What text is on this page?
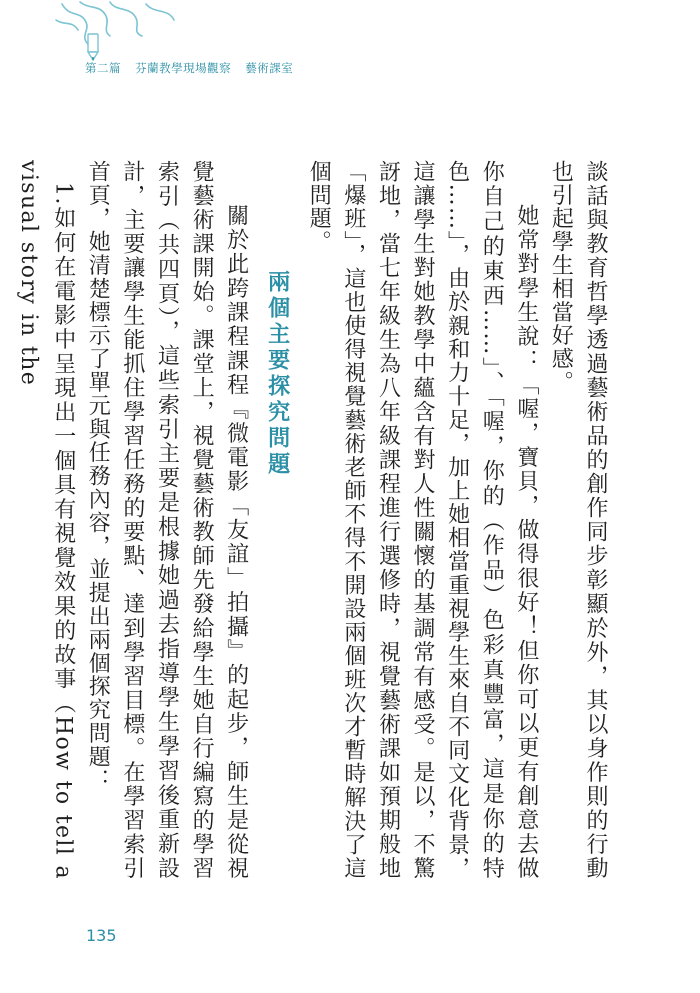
第二篇 芬蘭教學現場觀察 藝術課室

談話與教育哲學透過藝術品的創作同步彰顯於外，其以身作則的行動也引起學生相當好感。

她常對學生說：「喔，寶貝，做得很好！但你可以更有創意去做你自己的東西……」、「喔，你的（作品）色彩真豐富，這是你的特色……」，由於親和力十足，加上她相當重視學生來自不同文化背景，這讓學生對她教學中蘊含有對人性關懷的基調常有感受。是以，不驚訝地，當七年級生為八年級課程進行選修時，視覺藝術課如預期般地「爆班」，這也使得視覺藝術老師不得不開設兩個班次才暫時解決了這個問題。

兩個主要探究問題

關於此跨課程課程『微電影「友誼」拍攝』的起步，師生是從視覺藝術課開始。課堂上，視覺藝術教師先發給學生她自行編寫的學習索引（共四頁），這些索引主要是根據她過去指導學生學習後重新設計，主要讓學生能抓住學習任務的要點、達到學習目標。在學習索引首頁，她清楚標示了單元與任務內容，並提出兩個探究問題：

1.如何在電影中呈現出一個具有視覺效果的故事（How to tell a visual story in the

135
